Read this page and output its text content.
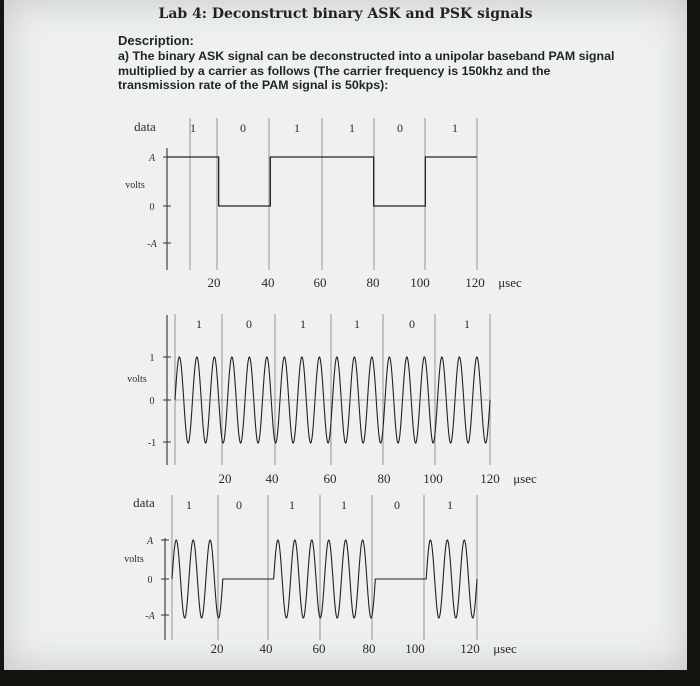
Lab 4: Deconstruct binary ASK and PSK signals
Description:
a) The binary ASK signal can be deconstructed into a unipolar baseband PAM signal multiplied by a carrier as follows (The carrier frequency is 150khz and the transmission rate of the PAM signal is 50kps):
data	1	0	1	1	0	1
A
0
-A
volts
20	40	60	80 100	120 μsec
1	0	1	1	0	1
1
0
-1
volts
20	40	60	80	100	120 μsec
data	1	0	1	1	0	1
A
0
-A
volts
20	40	60	80 100	120 μsec
